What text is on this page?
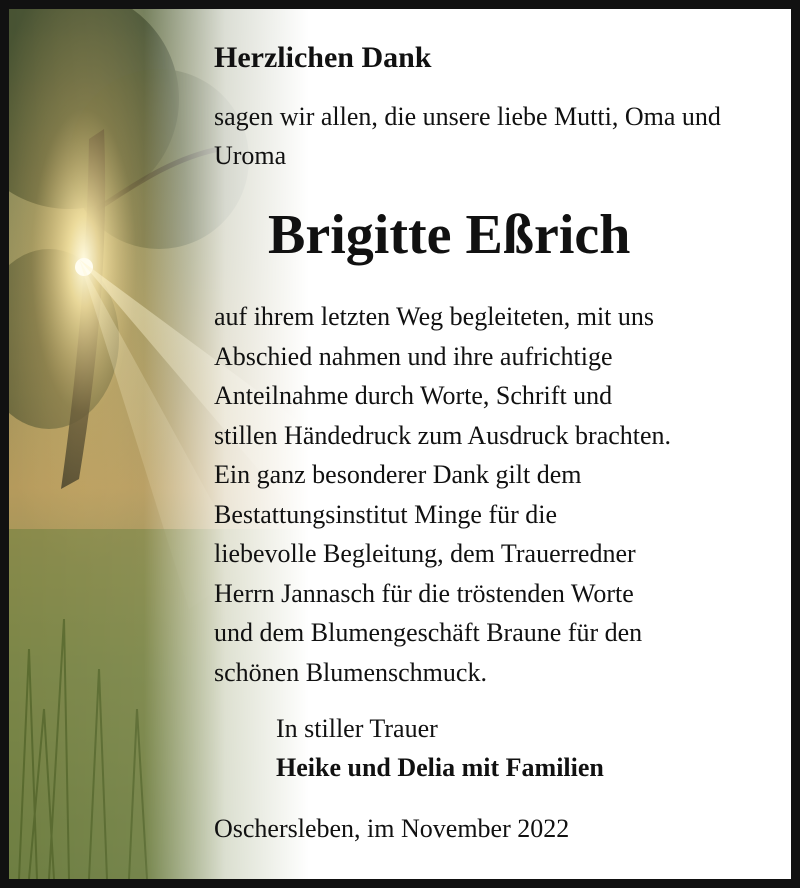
Herzlichen Dank
sagen wir allen, die unsere liebe Mutti, Oma und Uroma
Brigitte Eßrich
auf ihrem letzten Weg begleiteten, mit uns
Abschied nahmen und ihre aufrichtige
Anteilnahme durch Worte, Schrift und
stillen Händedruck zum Ausdruck brachten.
Ein ganz besonderer Dank gilt dem
Bestattungsinstitut Minge für die
liebevolle Begleitung, dem Trauerredner
Herrn Jannasch für die tröstenden Worte
und dem Blumengeschäft Braune für den
schönen Blumenschmuck.
In stiller Trauer
Heike und Delia mit Familien
Oschersleben, im November 2022
